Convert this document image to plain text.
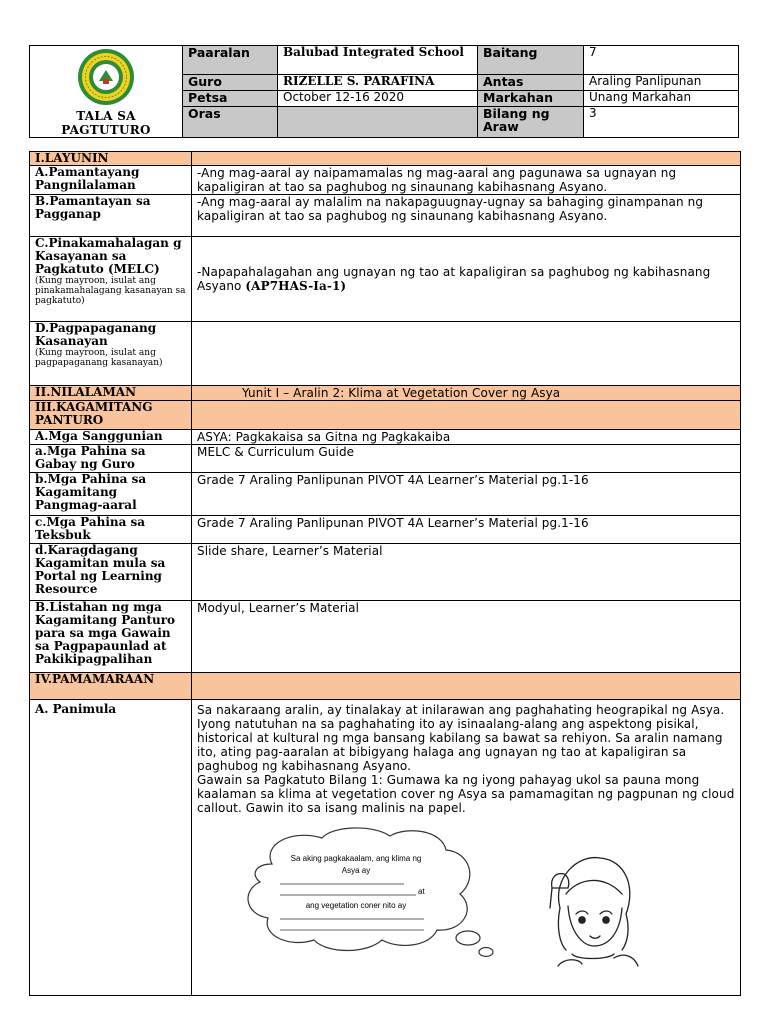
TALA SA
PAGTUTURO	Paaralan	Balubad Integrated School	Baitang	7
	Guro	RIZELLE S. PARAFINA	Antas	Araling Panlipunan
	Petsa	October 12-16 2020	Markahan	Unang Markahan
	Oras		Bilang ng Araw	3
I.LAYUNIN	
A.Pamantayang Pangnilalaman	-Ang mag-aaral ay naipamamalas ng mag-aaral ang pagunawa sa ugnayan ng kapaligiran at tao sa paghubog ng sinaunang kabihasnang Asyano.
B.Pamantayan sa Pagganap	-Ang mag-aaral ay malalim na nakapaguugnay-ugnay sa bahaging ginampanan ng kapaligiran at tao sa paghubog ng sinaunang kabihasnang Asyano.
C.Pinakamahalagan g Kasayanan sa Pagkatuto (MELC)
(Kung mayroon, isulat ang pinakamahalagang kasanayan sa pagkatuto)	-Napapahalagahan ang ugnayan ng tao at kapaligiran sa paghubog ng kabihasnang Asyano (AP7HAS-Ia-1)
D.Pagpapaganang Kasanayan
(Kung mayroon, isulat ang pagpapaganang kasanayan)	

II.NILALAMAN	Yunit I – Aralin 2: Klima at Vegetation Cover ng Asya
III.KAGAMITANG PANTURO	
A.Mga Sanggunian	ASYA: Pagkakaisa sa Gitna ng Pagkakaiba
a.Mga Pahina sa Gabay ng Guro	MELC & Curriculum Guide
b.Mga Pahina sa Kagamitang Pangmag-aaral	Grade 7 Araling Panlipunan PIVOT 4A Learner’s Material pg.1-16
c.Mga Pahina sa Teksbuk	Grade 7 Araling Panlipunan PIVOT 4A Learner’s Material pg.1-16
d.Karagdagang Kagamitan mula sa Portal ng Learning Resource	Slide share, Learner’s Material
B.Listahan ng mga Kagamitang Panturo para sa mga Gawain sa Pagpapaunlad at Pakikipagpalihan	Modyul, Learner’s Material
IV.PAMAMARAAN	
A. Panimula	Sa nakaraang aralin, ay tinalakay at inilarawan ang paghahating heograpikal ng Asya. Iyong natutuhan na sa paghahating ito ay isinaalang-alang ang aspektong pisikal, historical at kultural ng mga bansang kabilang sa bawat sa rehiyon. Sa aralin namang ito, ating pag-aaralan at bibigyang halaga ang ugnayan ng tao at kapaligiran sa paghubog ng kabihasnang Asyano.
Gawain sa Pagkatuto Bilang 1: Gumawa ka ng iyong pahayag ukol sa pauna mong kaalaman sa klima at vegetation cover ng Asya sa pamamagitan ng pagpunan ng cloud callout. Gawin ito sa isang malinis na papel.
Sa aking pagkakaalam, ang klima ng
Asya ay
at
ang vegetation coner nito ay
